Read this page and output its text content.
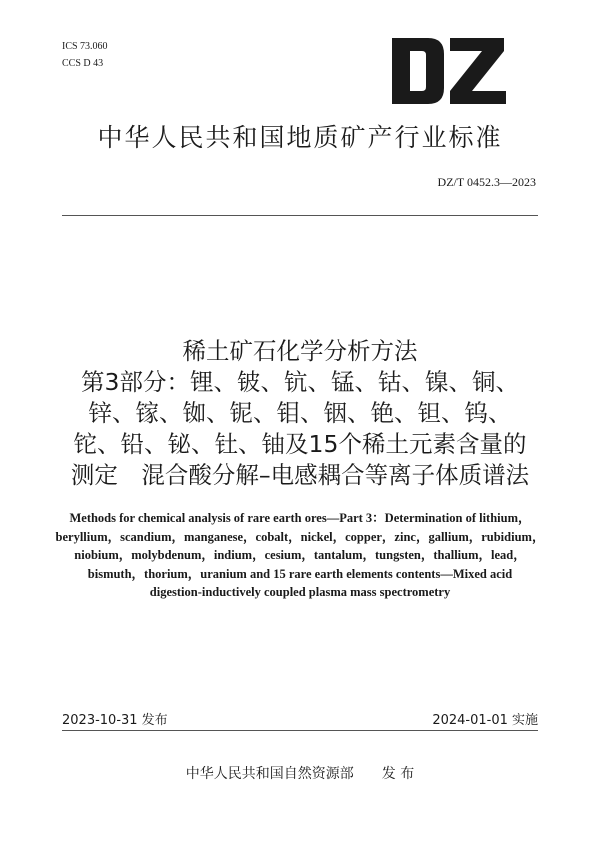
ICS 73.060
CCS D 43
中华人民共和国地质矿产行业标准
DZ/T 0452.3—2023
稀土矿石化学分析方法
第3部分：锂、铍、钪、锰、钴、镍、铜、
锌、镓、铷、铌、钼、铟、铯、钽、钨、
铊、铅、铋、钍、铀及15个稀土元素含量的
测定　混合酸分解–电感耦合等离子体质谱法
Methods for chemical analysis of rare earth ores—Part 3：Determination of lithium，
beryllium，scandium，manganese，cobalt，nickel，copper，zinc，gallium，rubidium，
niobium，molybdenum，indium，cesium，tantalum，tungsten，thallium，lead，
bismuth，thorium，uranium and 15 rare earth elements contents—Mixed acid
digestion-inductively coupled plasma mass spectrometry
2023-10-31 发布	2024-01-01 实施
中华人民共和国自然资源部　　发 布
